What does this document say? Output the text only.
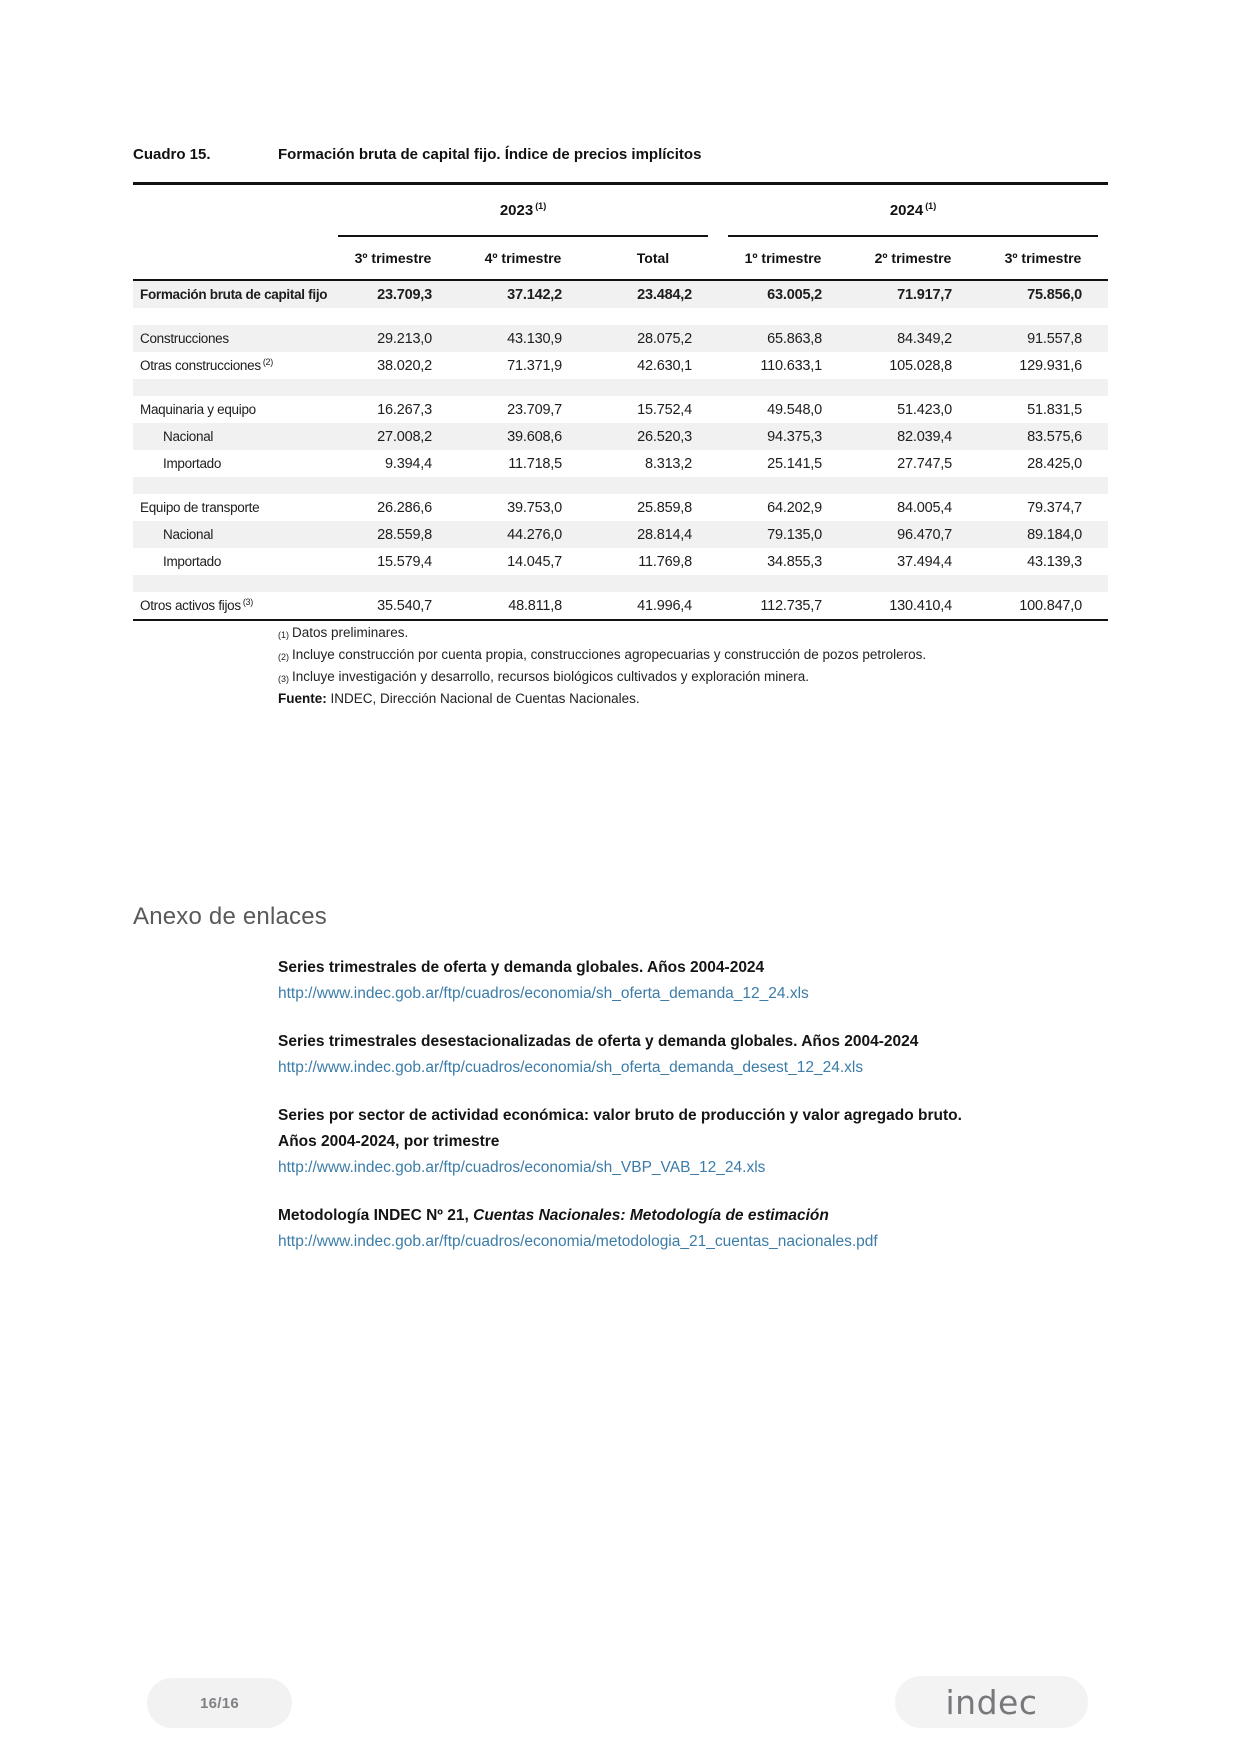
Cuadro 15.	Formación bruta de capital fijo. Índice de precios implícitos
2023 (1)	2024 (1)
3º trimestre	4º trimestre	Total	1º trimestre	2º trimestre	3º trimestre
Formación bruta de capital fijo	23.709,3	37.142,2	23.484,2	63.005,2	71.917,7	75.856,0
Construcciones	29.213,0	43.130,9	28.075,2	65.863,8	84.349,2	91.557,8
Otras construcciones (2)	38.020,2	71.371,9	42.630,1	110.633,1	105.028,8	129.931,6
Maquinaria y equipo	16.267,3	23.709,7	15.752,4	49.548,0	51.423,0	51.831,5
Nacional	27.008,2	39.608,6	26.520,3	94.375,3	82.039,4	83.575,6
Importado	9.394,4	11.718,5	8.313,2	25.141,5	27.747,5	28.425,0
Equipo de transporte	26.286,6	39.753,0	25.859,8	64.202,9	84.005,4	79.374,7
Nacional	28.559,8	44.276,0	28.814,4	79.135,0	96.470,7	89.184,0
Importado	15.579,4	14.045,7	11.769,8	34.855,3	37.494,4	43.139,3
Otros activos fijos (3)	35.540,7	48.811,8	41.996,4	112.735,7	130.410,4	100.847,0
$^{(1)}$ Datos preliminares.
$^{(2)}$ Incluye construcción por cuenta propia, construcciones agropecuarias y construcción de pozos petroleros.
$^{(3)}$ Incluye investigación y desarrollo, recursos biológicos cultivados y exploración minera.
Fuente: INDEC, Dirección Nacional de Cuentas Nacionales.
Anexo de enlaces
Series trimestrales de oferta y demanda globales. Años 2004-2024
http://www.indec.gob.ar/ftp/cuadros/economia/sh_oferta_demanda_12_24.xls
Series trimestrales desestacionalizadas de oferta y demanda globales. Años 2004-2024
http://www.indec.gob.ar/ftp/cuadros/economia/sh_oferta_demanda_desest_12_24.xls
Series por sector de actividad económica: valor bruto de producción y valor agregado bruto.
Años 2004-2024, por trimestre
http://www.indec.gob.ar/ftp/cuadros/economia/sh_VBP_VAB_12_24.xls
Metodología INDEC Nº 21, Cuentas Nacionales: Metodología de estimación
http://www.indec.gob.ar/ftp/cuadros/economia/metodologia_21_cuentas_nacionales.pdf
16/16	indec
